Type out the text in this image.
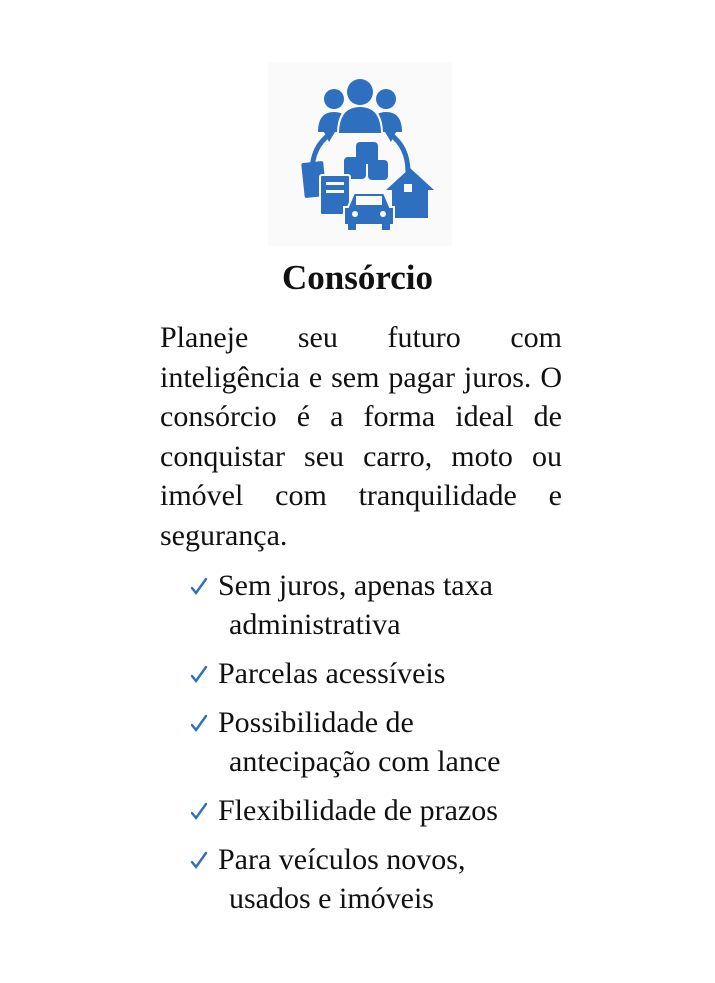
Consórcio

Planeje seu futuro com inteligência e sem pagar juros. O consórcio é a forma ideal de conquistar seu carro, moto ou imóvel com tranquilidade e segurança.

Sem juros, apenas taxa
administrativa
Parcelas acessíveis
Possibilidade de
antecipação com lance
Flexibilidade de prazos
Para veículos novos,
usados e imóveis
